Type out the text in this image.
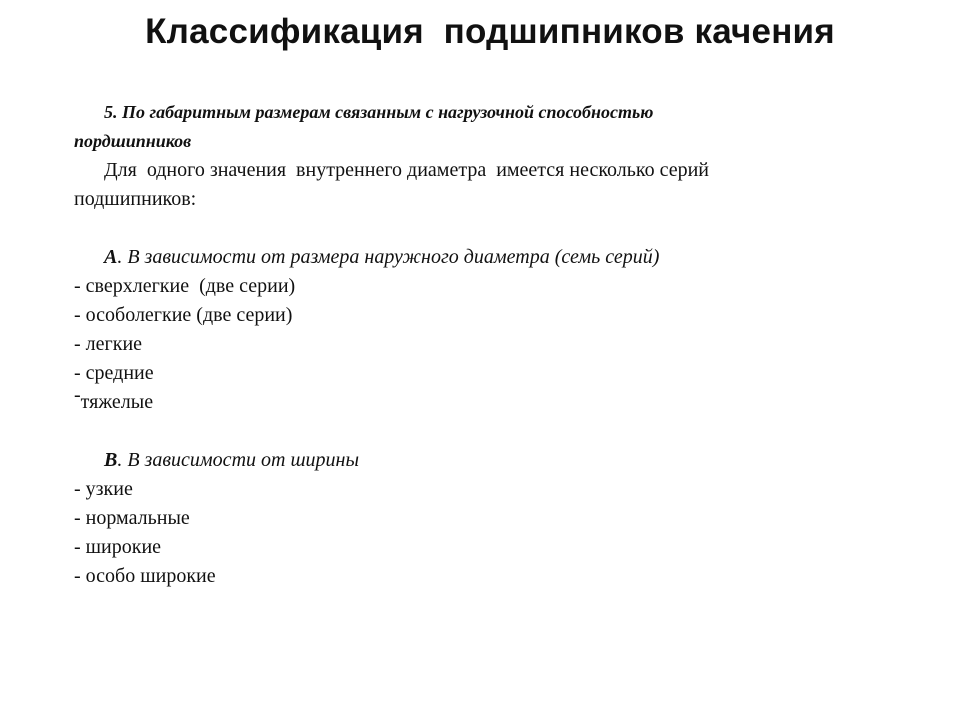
Классификация  подшипников качения
5. По габаритным размерам связанным с нагрузочной способностью
пордшипников
Для  одного значения  внутреннего диаметра  имеется несколько серий
подшипников:
А. В зависимости от размера наружного диаметра (семь серий)
- сверхлегкие  (две серии)
- особолегкие (две серии)
- легкие
- средние
-тяжелые
В. В зависимости от ширины
- узкие
- нормальные
- широкие
- особо широкие
